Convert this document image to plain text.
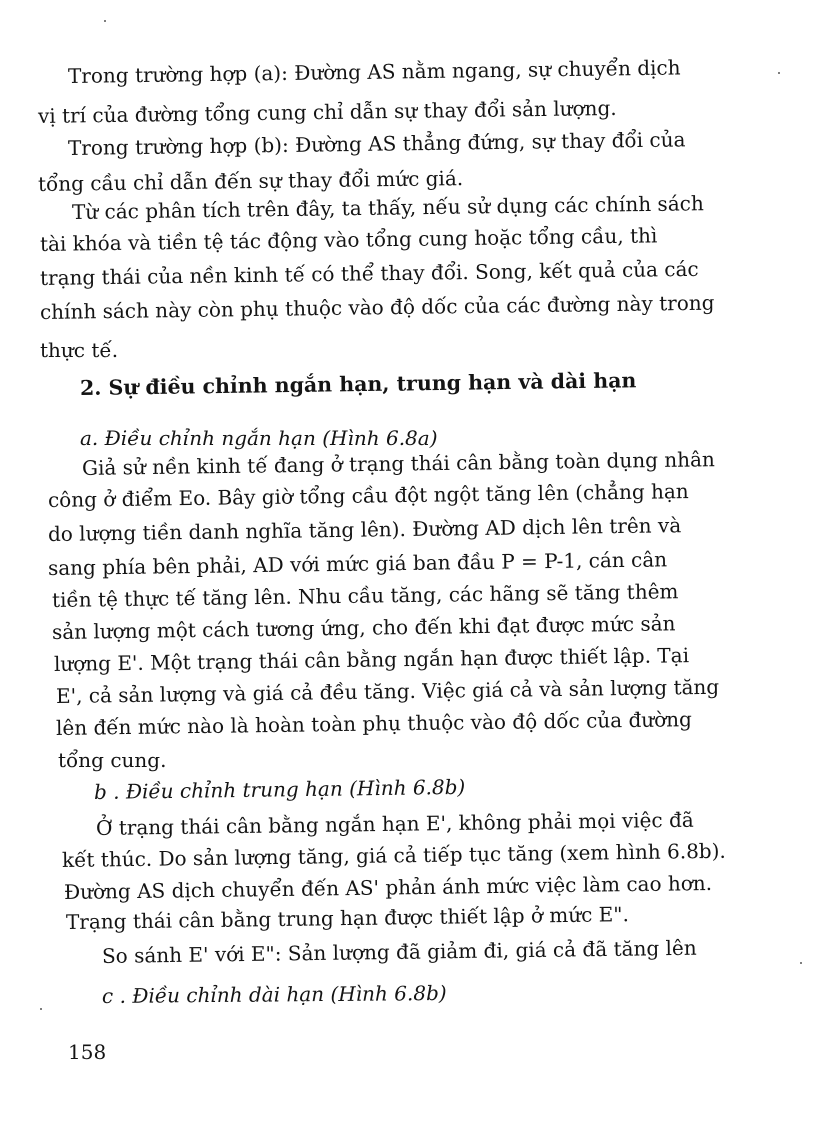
Trong trường hợp (a): Đường AS nằm ngang, sự chuyển dịch
vị trí của đường tổng cung chỉ dẫn sự thay đổi sản lượng.
Trong trường hợp (b): Đường AS thẳng đứng, sự thay đổi của
tổng cầu chỉ dẫn đến sự thay đổi mức giá.
Từ các phân tích trên đây, ta thấy, nếu sử dụng các chính sách
tài khóa và tiền tệ tác động vào tổng cung hoặc tổng cầu, thì
trạng thái của nền kinh tế có thể thay đổi. Song, kết quả của các
chính sách này còn phụ thuộc vào độ dốc của các đường này trong
thực tế.
2. Sự điều chỉnh ngắn hạn, trung hạn và dài hạn
a. Điều chỉnh ngắn hạn (Hình 6.8a)
Giả sử nền kinh tế đang ở trạng thái cân bằng toàn dụng nhân
công ở điểm Eo. Bây giờ tổng cầu đột ngột tăng lên (chẳng hạn
do lượng tiền danh nghĩa tăng lên). Đường AD dịch lên trên và
sang phía bên phải, AD với mức giá ban đầu P = P-1, cán cân
tiền tệ thực tế tăng lên. Nhu cầu tăng, các hãng sẽ tăng thêm
sản lượng một cách tương ứng, cho đến khi đạt được mức sản
lượng E'. Một trạng thái cân bằng ngắn hạn được thiết lập. Tại
E', cả sản lượng và giá cả đều tăng. Việc giá cả và sản lượng tăng
lên đến mức nào là hoàn toàn phụ thuộc vào độ dốc của đường
tổng cung.
b . Điều chỉnh trung hạn (Hình 6.8b)
Ở trạng thái cân bằng ngắn hạn E', không phải mọi việc đã
kết thúc. Do sản lượng tăng, giá cả tiếp tục tăng (xem hình 6.8b).
Đường AS dịch chuyển đến AS' phản ánh mức việc làm cao hơn.
Trạng thái cân bằng trung hạn được thiết lập ở mức E".
So sánh E' với E": Sản lượng đã giảm đi, giá cả đã tăng lên
c . Điều chỉnh dài hạn (Hình 6.8b)
158
